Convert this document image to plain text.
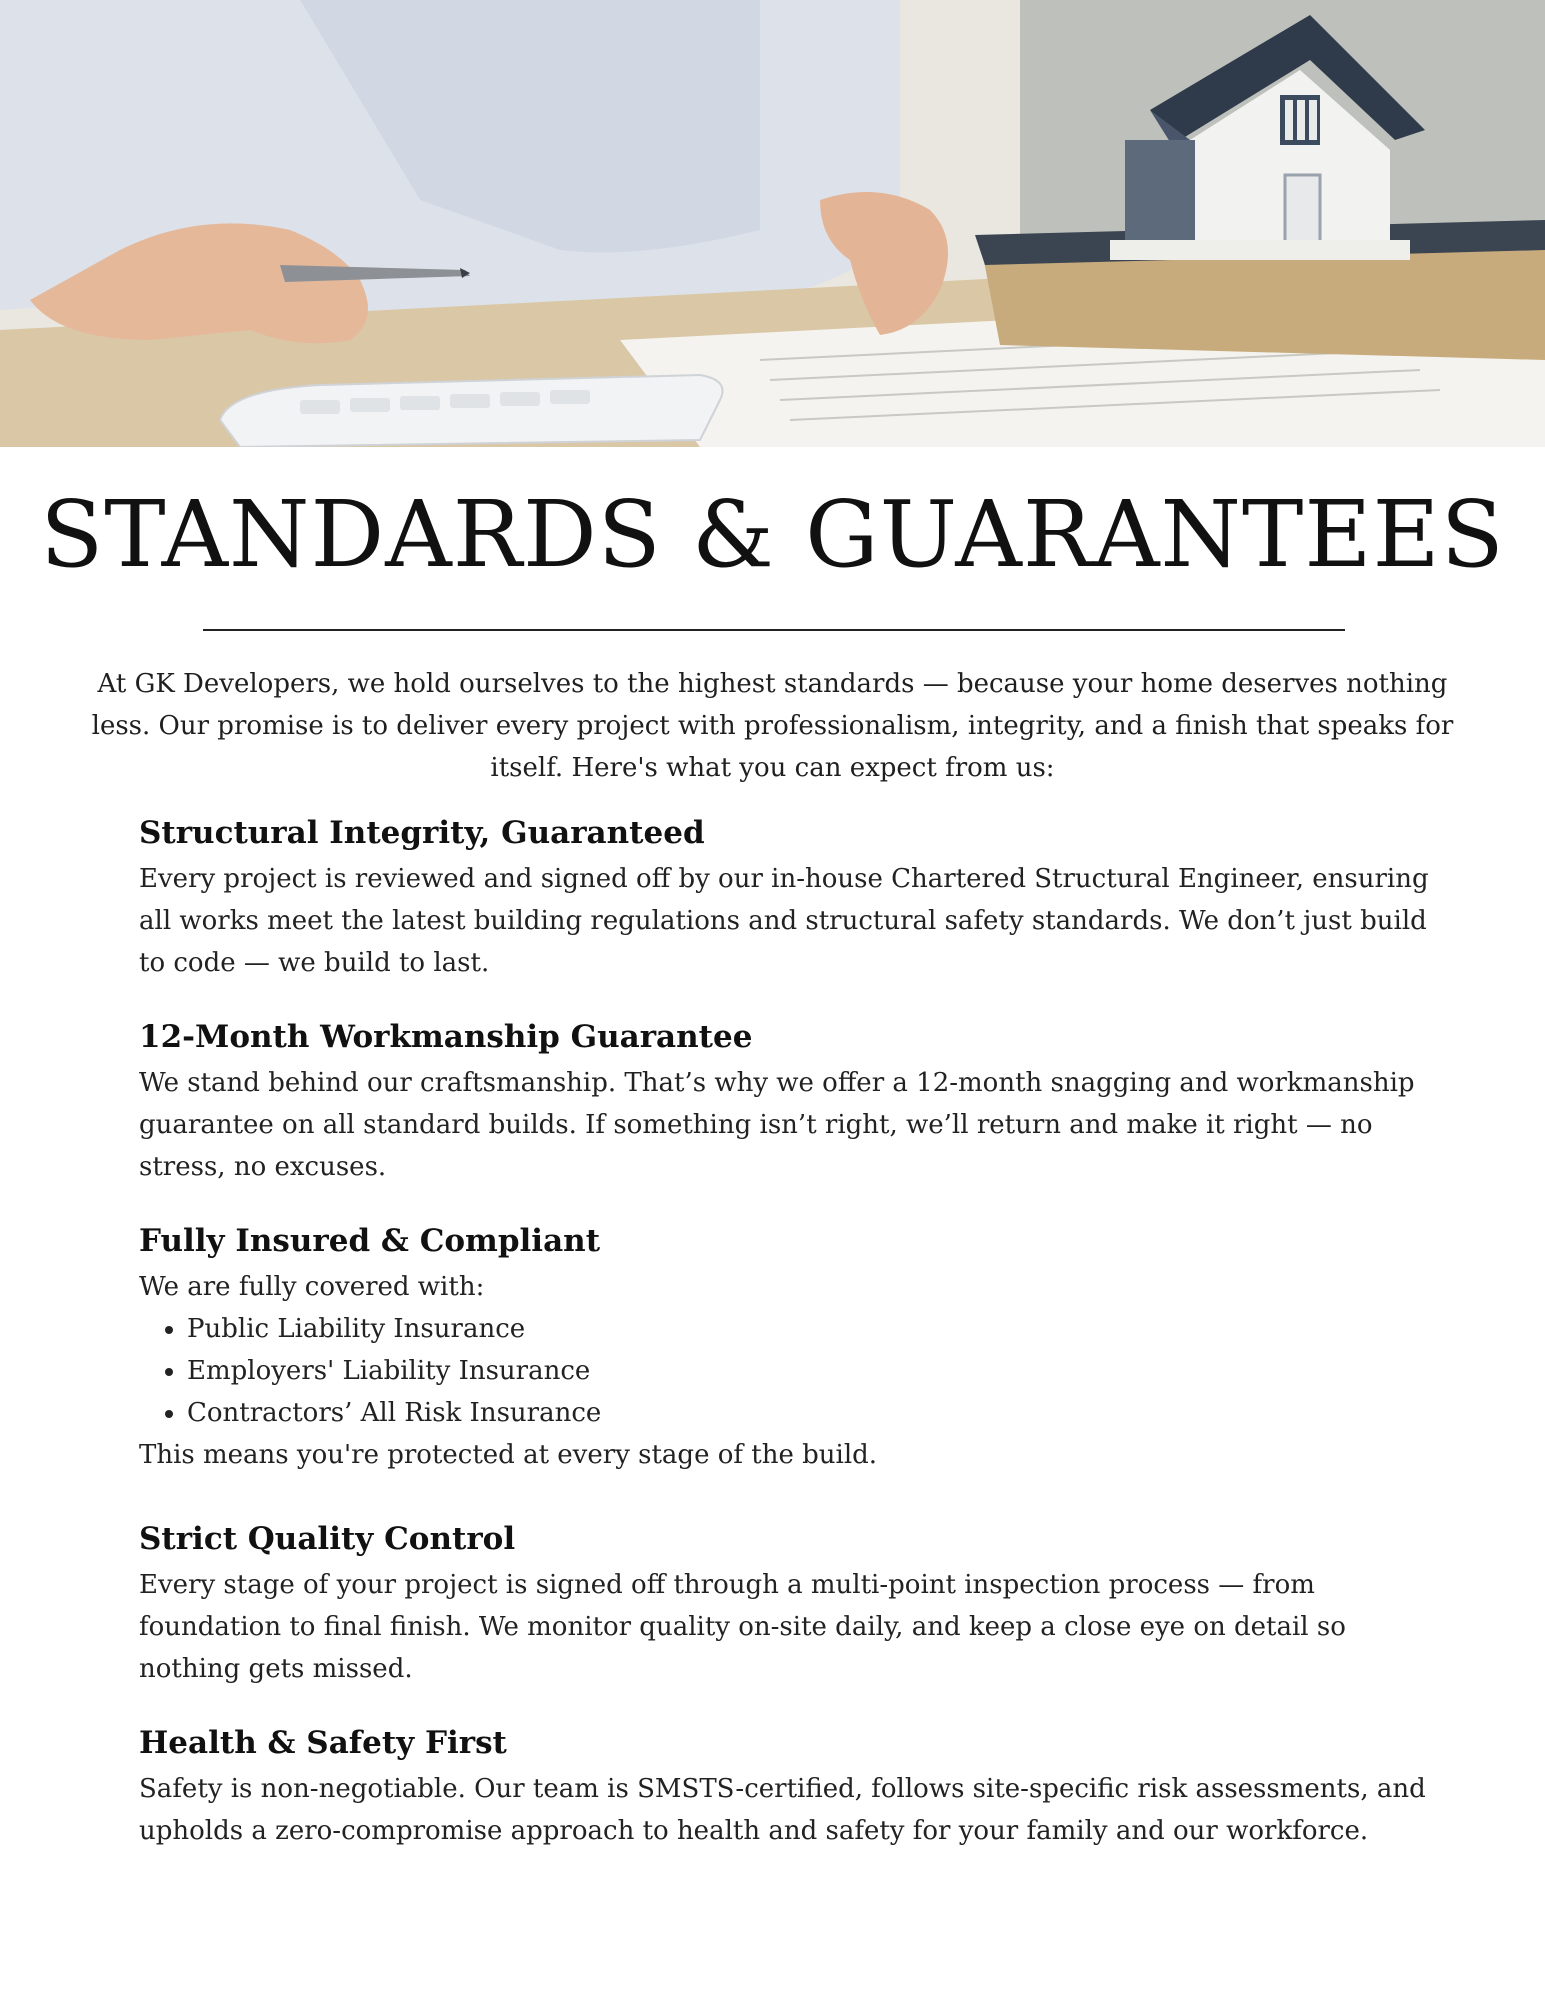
STANDARDS & GUARANTEES

At GK Developers, we hold ourselves to the highest standards — because your home deserves nothing less. Our promise is to deliver every project with professionalism, integrity, and a finish that speaks for itself. Here's what you can expect from us:

Structural Integrity, Guaranteed

Every project is reviewed and signed off by our in-house Chartered Structural Engineer, ensuring all works meet the latest building regulations and structural safety standards. We don’t just build to code — we build to last.

12-Month Workmanship Guarantee

We stand behind our craftsmanship. That’s why we offer a 12-month snagging and workmanship guarantee on all standard builds. If something isn’t right, we’ll return and make it right — no stress, no excuses.

Fully Insured & Compliant

We are fully covered with:

• Public Liability Insurance
• Employers' Liability Insurance
• Contractors’ All Risk Insurance

This means you're protected at every stage of the build.

Strict Quality Control

Every stage of your project is signed off through a multi-point inspection process — from foundation to final finish. We monitor quality on-site daily, and keep a close eye on detail so nothing gets missed.

Health & Safety First

Safety is non-negotiable. Our team is SMSTS-certified, follows site-specific risk assessments, and upholds a zero-compromise approach to health and safety for your family and our workforce.
